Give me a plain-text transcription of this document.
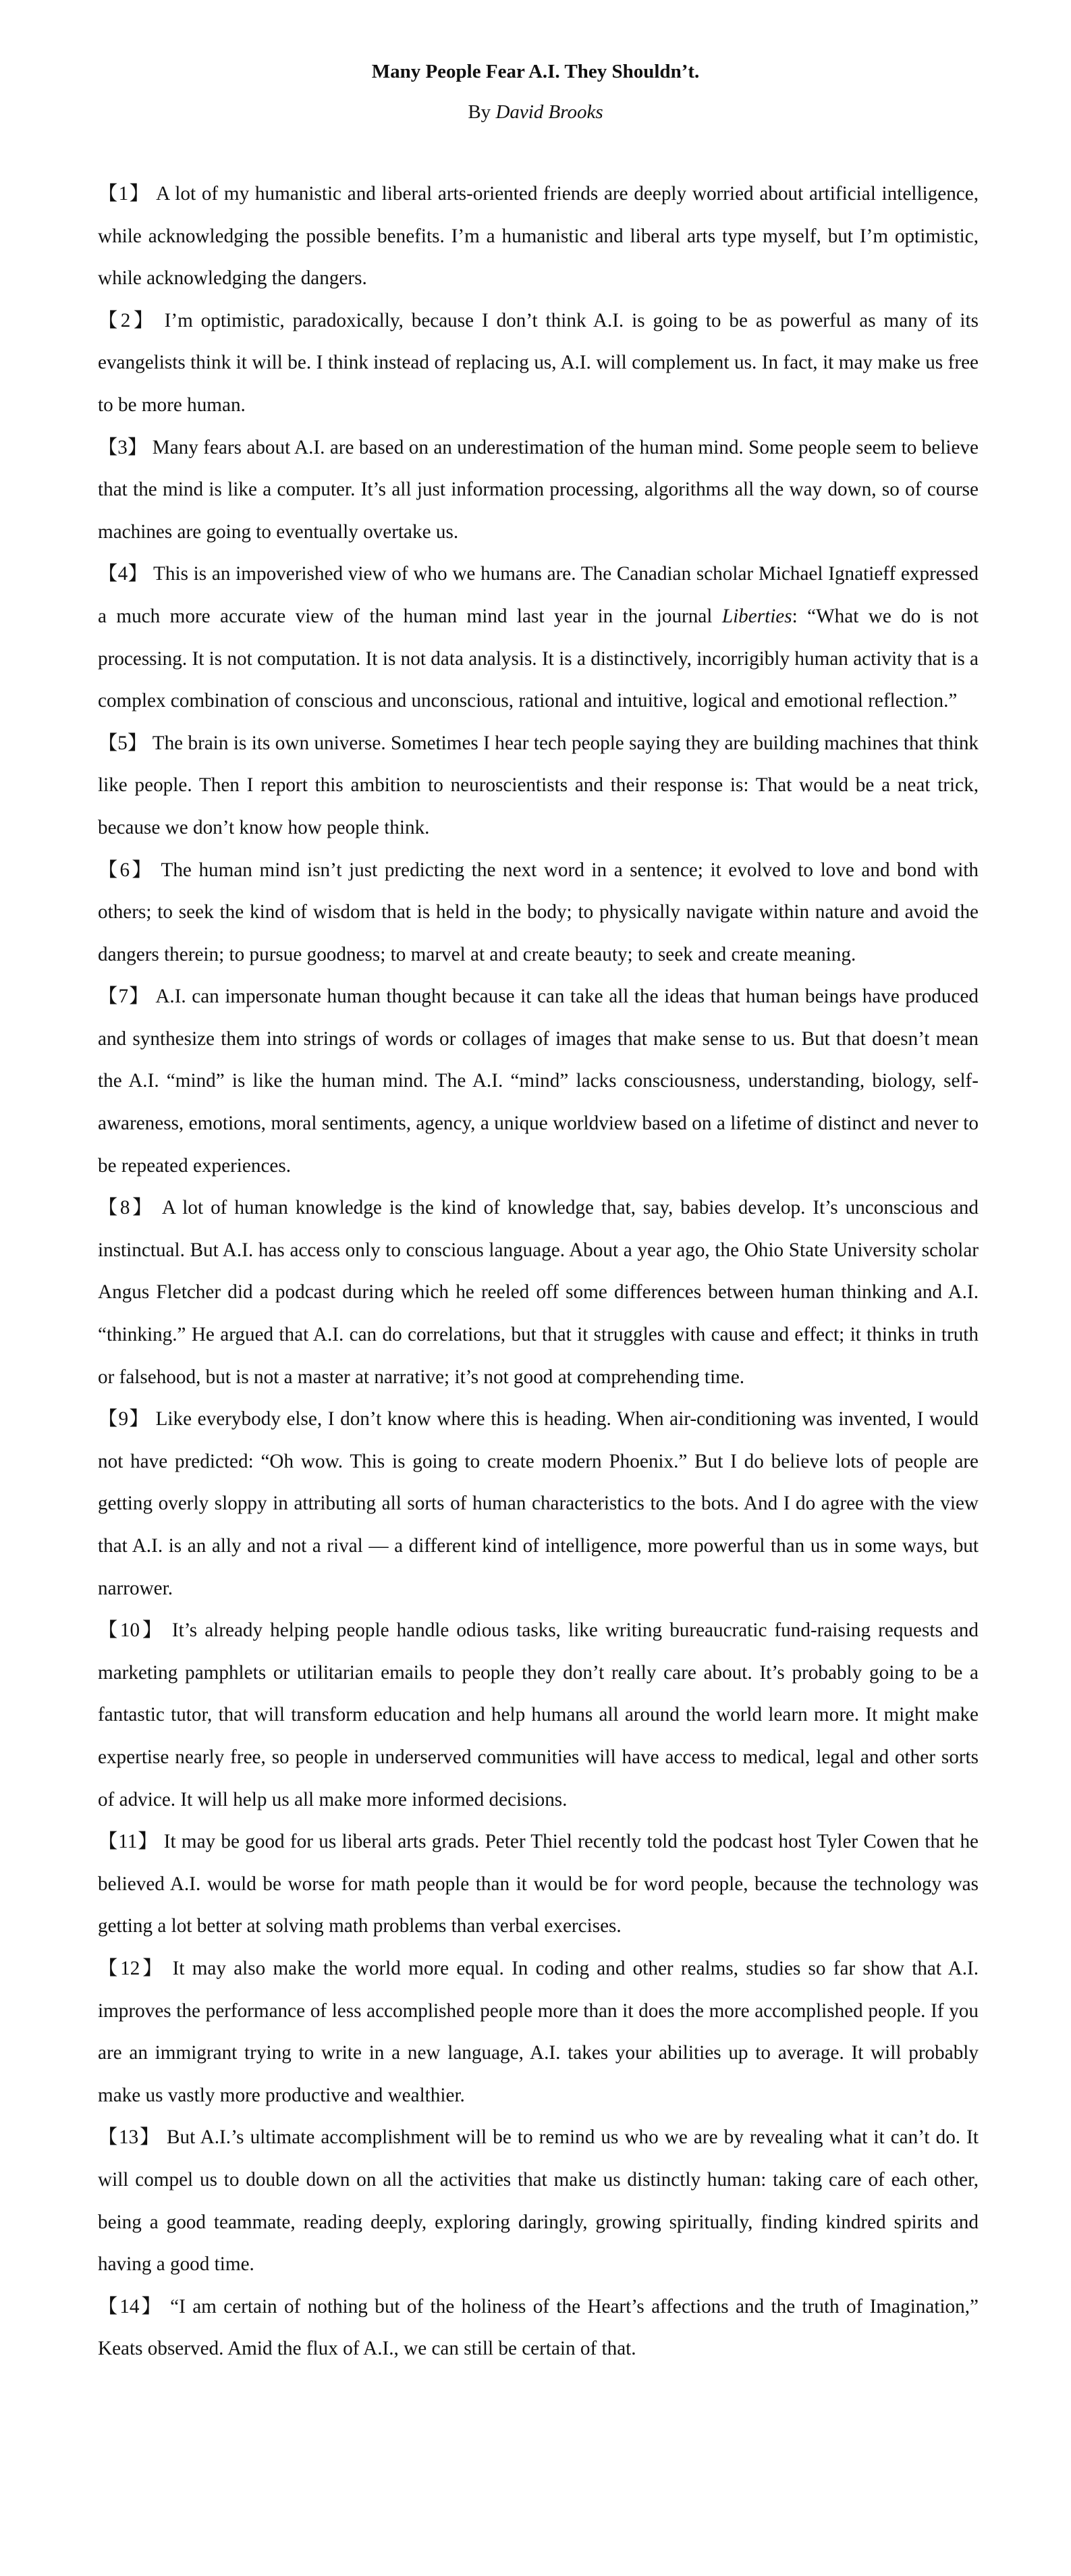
Many People Fear A.I. They Shouldn’t.

By David Brooks

【1】 A lot of my humanistic and liberal arts-oriented friends are deeply worried about artificial intelligence, while acknowledging the possible benefits. I’m a humanistic and liberal arts type myself, but I’m optimistic, while acknowledging the dangers.

【2】 I’m optimistic, paradoxically, because I don’t think A.I. is going to be as powerful as many of its evangelists think it will be. I think instead of replacing us, A.I. will complement us. In fact, it may make us free to be more human.

【3】 Many fears about A.I. are based on an underestimation of the human mind. Some people seem to believe that the mind is like a computer. It’s all just information processing, algorithms all the way down, so of course machines are going to eventually overtake us.

【4】 This is an impoverished view of who we humans are. The Canadian scholar Michael Ignatieff expressed a much more accurate view of the human mind last year in the journal Liberties: “What we do is not processing. It is not computation. It is not data analysis. It is a distinctively, incorrigibly human activity that is a complex combination of conscious and unconscious, rational and intuitive, logical and emotional reflection.”

【5】 The brain is its own universe. Sometimes I hear tech people saying they are building machines that think like people. Then I report this ambition to neuroscientists and their response is: That would be a neat trick, because we don’t know how people think.

【6】 The human mind isn’t just predicting the next word in a sentence; it evolved to love and bond with others; to seek the kind of wisdom that is held in the body; to physically navigate within nature and avoid the dangers therein; to pursue goodness; to marvel at and create beauty; to seek and create meaning.

【7】 A.I. can impersonate human thought because it can take all the ideas that human beings have produced and synthesize them into strings of words or collages of images that make sense to us. But that doesn’t mean the A.I. “mind” is like the human mind. The A.I. “mind” lacks consciousness, understanding, biology, self-awareness, emotions, moral sentiments, agency, a unique worldview based on a lifetime of distinct and never to be repeated experiences.

【8】 A lot of human knowledge is the kind of knowledge that, say, babies develop. It’s unconscious and instinctual. But A.I. has access only to conscious language. About a year ago, the Ohio State University scholar Angus Fletcher did a podcast during which he reeled off some differences between human thinking and A.I. “thinking.” He argued that A.I. can do correlations, but that it struggles with cause and effect; it thinks in truth or falsehood, but is not a master at narrative; it’s not good at comprehending time.

【9】 Like everybody else, I don’t know where this is heading. When air-conditioning was invented, I would not have predicted: “Oh wow. This is going to create modern Phoenix.” But I do believe lots of people are getting overly sloppy in attributing all sorts of human characteristics to the bots. And I do agree with the view that A.I. is an ally and not a rival — a different kind of intelligence, more powerful than us in some ways, but narrower.

【10】 It’s already helping people handle odious tasks, like writing bureaucratic fund-raising requests and marketing pamphlets or utilitarian emails to people they don’t really care about. It’s probably going to be a fantastic tutor, that will transform education and help humans all around the world learn more. It might make expertise nearly free, so people in underserved communities will have access to medical, legal and other sorts of advice. It will help us all make more informed decisions.

【11】 It may be good for us liberal arts grads. Peter Thiel recently told the podcast host Tyler Cowen that he believed A.I. would be worse for math people than it would be for word people, because the technology was getting a lot better at solving math problems than verbal exercises.

【12】 It may also make the world more equal. In coding and other realms, studies so far show that A.I. improves the performance of less accomplished people more than it does the more accomplished people. If you are an immigrant trying to write in a new language, A.I. takes your abilities up to average. It will probably make us vastly more productive and wealthier.

【13】 But A.I.’s ultimate accomplishment will be to remind us who we are by revealing what it can’t do. It will compel us to double down on all the activities that make us distinctly human: taking care of each other, being a good teammate, reading deeply, exploring daringly, growing spiritually, finding kindred spirits and having a good time.

【14】 “I am certain of nothing but of the holiness of the Heart’s affections and the truth of Imagination,” Keats observed. Amid the flux of A.I., we can still be certain of that.
